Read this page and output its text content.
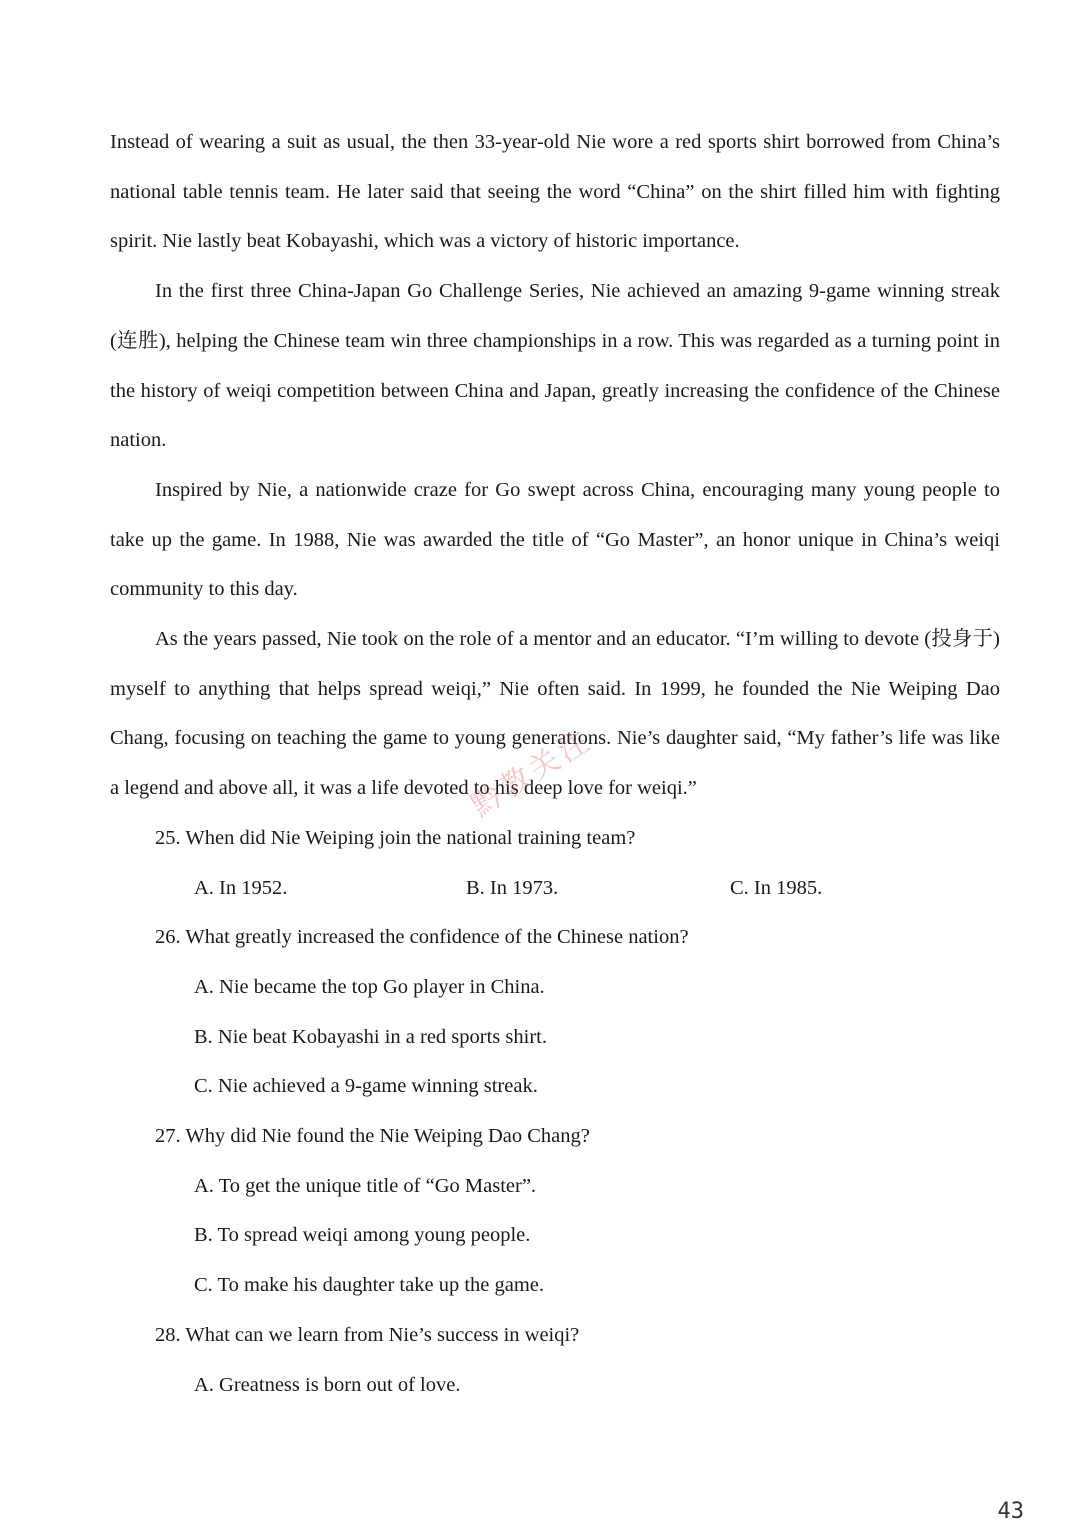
Instead of wearing a suit as usual, the then 33-year-old Nie wore a red sports shirt borrowed from China’s national table tennis team. He later said that seeing the word “China” on the shirt filled him with fighting spirit. Nie lastly beat Kobayashi, which was a victory of historic importance.

In the first three China-Japan Go Challenge Series, Nie achieved an amazing 9-game winning streak (连胜), helping the Chinese team win three championships in a row. This was regarded as a turning point in the history of weiqi competition between China and Japan, greatly increasing the confidence of the Chinese nation.

Inspired by Nie, a nationwide craze for Go swept across China, encouraging many young people to take up the game. In 1988, Nie was awarded the title of “Go Master”, an honor unique in China’s weiqi community to this day.

As the years passed, Nie took on the role of a mentor and an educator. “I’m willing to devote (投身于) myself to anything that helps spread weiqi,” Nie often said. In 1999, he founded the Nie Weiping Dao Chang, focusing on teaching the game to young generations. Nie’s daughter said, “My father’s life was like a legend and above all, it was a life devoted to his deep love for weiqi.”

25. When did Nie Weiping join the national training team?

A. In 1952.	B. In 1973.	C. In 1985.

26. What greatly increased the confidence of the Chinese nation?

A. Nie became the top Go player in China.

B. Nie beat Kobayashi in a red sports shirt.

C. Nie achieved a 9-game winning streak.

27. Why did Nie found the Nie Weiping Dao Chang?

A. To get the unique title of “Go Master”.

B. To spread weiqi among young people.

C. To make his daughter take up the game.

28. What can we learn from Nie’s success in weiqi?

A. Greatness is born out of love.

黔教关注
43
